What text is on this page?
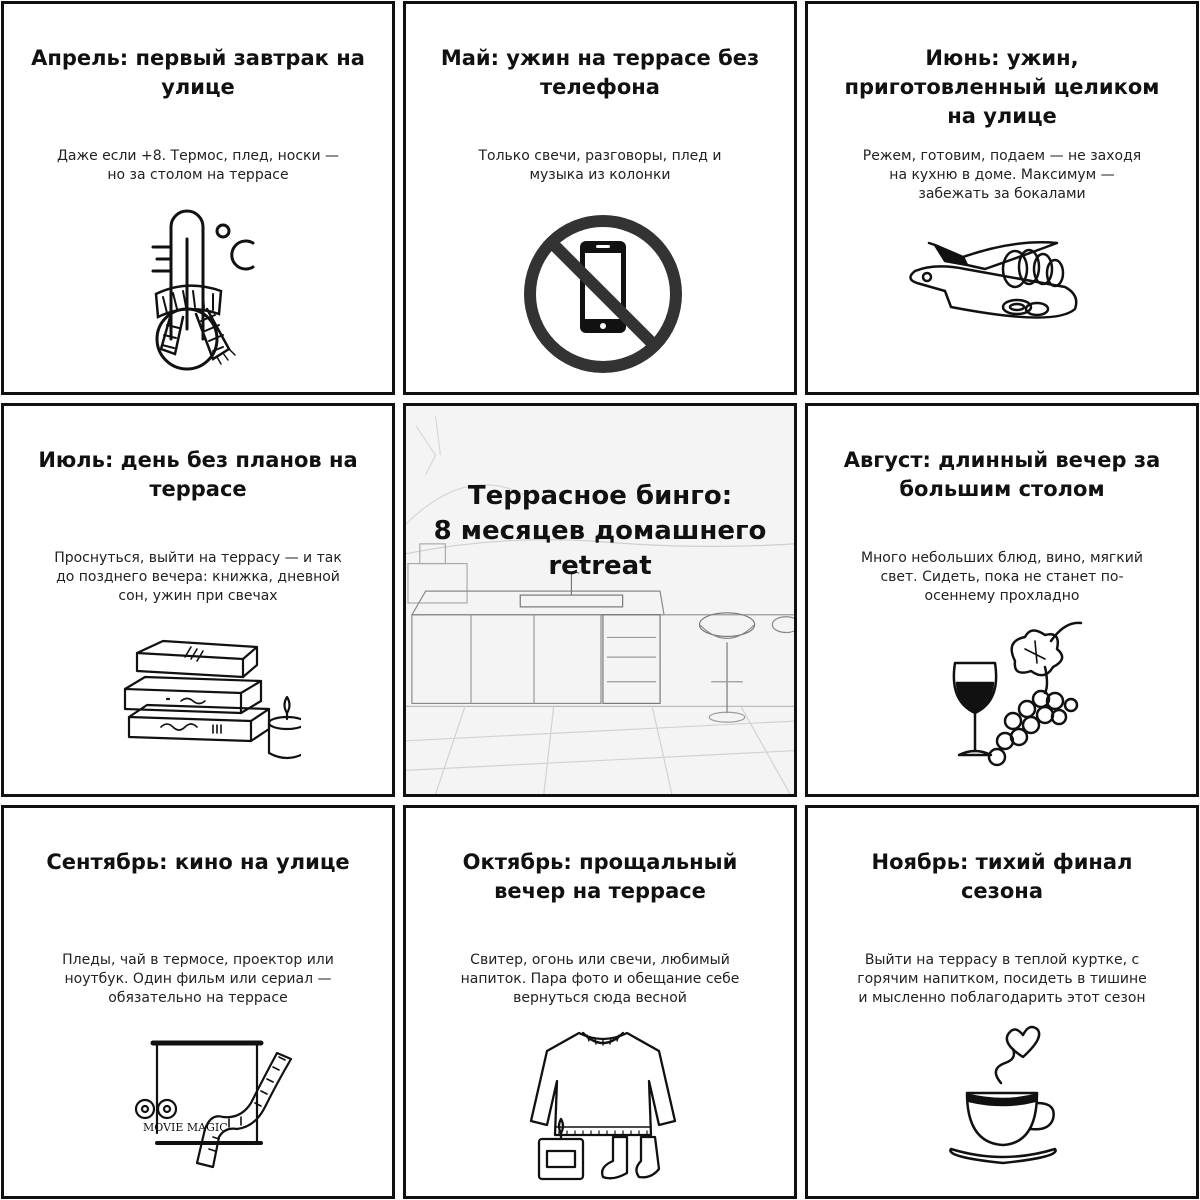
Апрель: первый завтрак на улице
Даже если +8. Термос, плед, носки — но за столом на террасе
Май: ужин на террасе без телефона
Только свечи, разговоры, плед и музыка из колонки
Июнь: ужин, приготовленный целиком на улице
Режем, готовим, подаем — не заходя на кухню в доме. Максимум — забежать за бокалами
Июль: день без планов на террасе
Проснуться, выйти на террасу — и так до позднего вечера: книжка, дневной сон, ужин при свечах
Террасное бинго:
8 месяцев домашнего
retreat
Август: длинный вечер за большим столом
Много небольших блюд, вино, мягкий свет. Сидеть, пока не станет по-осеннему прохладно
Сентябрь: кино на улице
Пледы, чай в термосе, проектор или ноутбук. Один фильм или сериал — обязательно на террасе
MOVIE MAGIC
Октябрь: прощальный вечер на террасе
Свитер, огонь или свечи, любимый напиток. Пара фото и обещание себе вернуться сюда весной
Ноябрь: тихий финал сезона
Выйти на террасу в теплой куртке, с горячим напитком, посидеть в тишине и мысленно поблагодарить этот сезон
